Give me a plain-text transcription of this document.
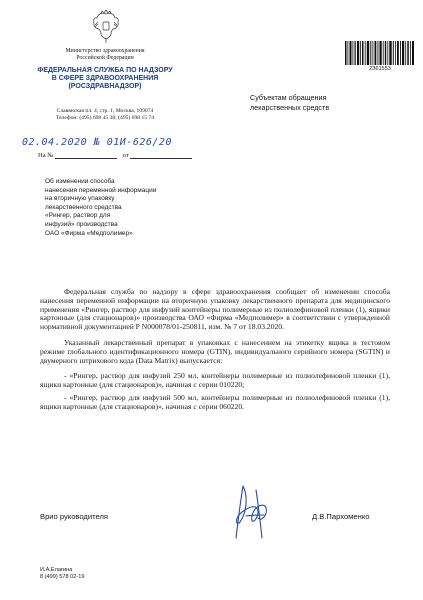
Министерство здравоохранения
Российской Федерации
ФЕДЕРАЛЬНАЯ СЛУЖБА ПО НАДЗОРУ
В СФЕРЕ ЗДРАВООХРАНЕНИЯ
(РОСЗДРАВНАДЗОР)
Славянская пл. 4, стр. 1, Москва, 109074
Телефон: (495) 698 45 38; (495) 698 15 74
02.04.2020 № 01И-626/20
На №	от
2361553
Субъектам обращения
лекарственных средств
Об изменении способа
нанесения переменной информации
на вторичную упаковку
лекарственного средства
«Рингер, раствор для
инфузий» производства
ОАО «Фирма «Медполимер»

Федеральная служба по надзору в сфере здравоохранения сообщает об изменении способа нанесения переменной информации на вторичную упаковку лекарственного препарата для медицинского применения «Рингер, раствор для инфузий контейнеры полимерные из полиолефиновой пленки (1), ящики картонные (для стационаров)» производства ОАО «Фирма «Медполимер» в соответствии с утвержденной нормативной документацией Р N000078/01-250811, изм. № 7 от 18.03.2020.

Указанный лекарственный препарат в упаковках с нанесением на этикетку ящика в тестовом режиме глобального идентификационного номера (GTIN), индивидуального серийного номера (SGTIN) и двумерного штрихового кода (Data Matrix) выпускается:

- «Рингер, раствор для инфузий 250 мл, контейнеры полимерные из полиолефиновой пленки (1), ящики картонные (для стационаров)», начиная с серии 010220;

- «Рингер, раствор для инфузий 500 мл, контейнеры полимерные из полиолефиновой пленки (1), ящики картонные (для стационаров)», начиная с серии 060220.

Врио руководителя	Д.В.Пархоменко
И.А.Елагина
8 (499) 578 02-19
